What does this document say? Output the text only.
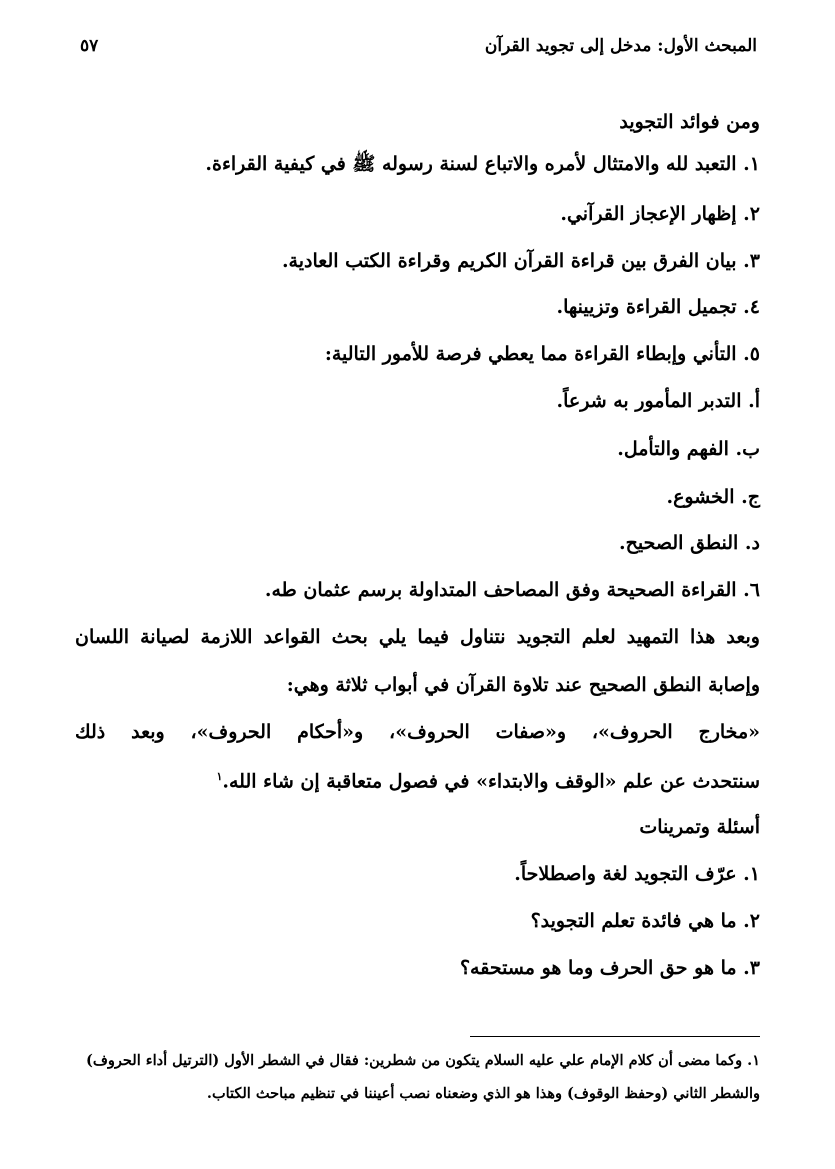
المبحث الأول: مدخل إلى تجويد القرآن
٥٧
ومن فوائد التجويد
١. التعبد لله والامتثال لأمره والاتباع لسنة رسوله ﷺ في كيفية القراءة.
٢. إظهار الإعجاز القرآني.
٣. بيان الفرق بين قراءة القرآن الكريم وقراءة الكتب العادية.
٤. تجميل القراءة وتزيينها.
٥. التأني وإبطاء القراءة مما يعطي فرصة للأمور التالية:
أ. التدبر المأمور به شرعاً.
ب. الفهم والتأمل.
ج. الخشوع.
د. النطق الصحيح.
٦. القراءة الصحيحة وفق المصاحف المتداولة برسم عثمان طه.
وبعد هذا التمهيد لعلم التجويد نتناول فيما يلي بحث القواعد اللازمة لصيانة اللسان
وإصابة النطق الصحيح عند تلاوة القرآن في أبواب ثلاثة وهي:
«مخارج الحروف»، و«صفات الحروف»، و«أحكام الحروف»، وبعد ذلك
سنتحدث عن علم «الوقف والابتداء» في فصول متعاقبة إن شاء الله.$^١$
أسئلة وتمرينات
١. عرّف التجويد لغة واصطلاحاً.
٢. ما هي فائدة تعلم التجويد؟
٣. ما هو حق الحرف وما هو مستحقه؟
١. وكما مضى أن كلام الإمام علي عليه السلام يتكون من شطرين: فقال في الشطر الأول (الترتيل أداء الحروف)
والشطر الثاني (وحفظ الوقوف) وهذا هو الذي وضعناه نصب أعيننا في تنظيم مباحث الكتاب.
